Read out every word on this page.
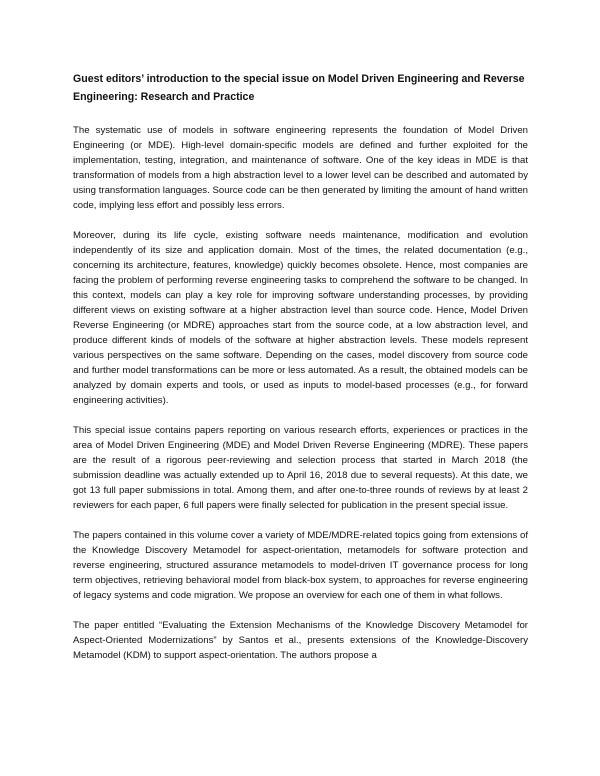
Guest editors’ introduction to the special issue on Model Driven Engineering and Reverse Engineering: Research and Practice

The systematic use of models in software engineering represents the foundation of Model Driven Engineering (or MDE). High-level domain-specific models are defined and further exploited for the implementation, testing, integration, and maintenance of software. One of the key ideas in MDE is that transformation of models from a high abstraction level to a lower level can be described and automated by using transformation languages. Source code can be then generated by limiting the amount of hand written code, implying less effort and possibly less errors.

Moreover, during its life cycle, existing software needs maintenance, modification and evolution independently of its size and application domain. Most of the times, the related documentation (e.g., concerning its architecture, features, knowledge) quickly becomes obsolete. Hence, most companies are facing the problem of performing reverse engineering tasks to comprehend the software to be changed. In this context, models can play a key role for improving software understanding processes, by providing different views on existing software at a higher abstraction level than source code. Hence, Model Driven Reverse Engineering (or MDRE) approaches start from the source code, at a low abstraction level, and produce different kinds of models of the software at higher abstraction levels. These models represent various perspectives on the same software. Depending on the cases, model discovery from source code and further model transformations can be more or less automated. As a result, the obtained models can be analyzed by domain experts and tools, or used as inputs to model-based processes (e.g., for forward engineering activities).

This special issue contains papers reporting on various research efforts, experiences or practices in the area of Model Driven Engineering (MDE) and Model Driven Reverse Engineering (MDRE). These papers are the result of a rigorous peer-reviewing and selection process that started in March 2018 (the submission deadline was actually extended up to April 16, 2018 due to several requests). At this date, we got 13 full paper submissions in total. Among them, and after one-to-three rounds of reviews by at least 2 reviewers for each paper, 6 full papers were finally selected for publication in the present special issue.

The papers contained in this volume cover a variety of MDE/MDRE-related topics going from extensions of the Knowledge Discovery Metamodel for aspect-orientation, metamodels for software protection and reverse engineering, structured assurance metamodels to model-driven IT governance process for long term objectives, retrieving behavioral model from black-box system, to approaches for reverse engineering of legacy systems and code migration. We propose an overview for each one of them in what follows.

The paper entitled “Evaluating the Extension Mechanisms of the Knowledge Discovery Metamodel for Aspect-Oriented Modernizations” by Santos et al., presents extensions of the Knowledge-Discovery Metamodel (KDM) to support aspect-orientation. The authors propose a
